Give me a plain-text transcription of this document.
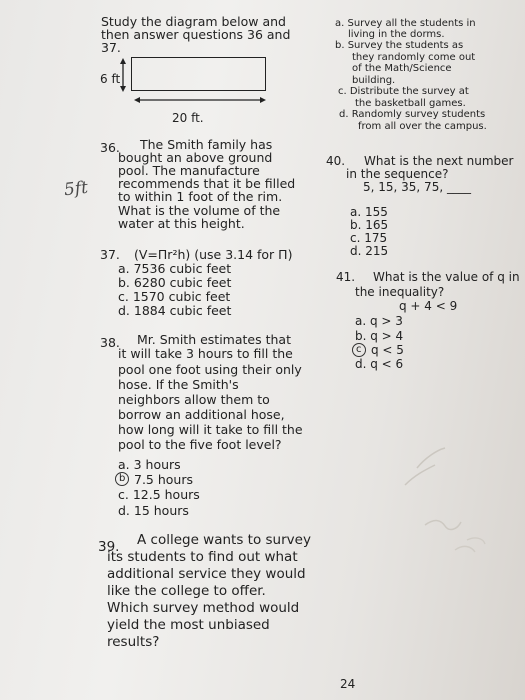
Study the diagram below and
then answer questions 36 and
37.
6 ft
20 ft.
36. The Smith family has
bought an above ground
pool. The manufacture
recommends that it be filled
to within 1 foot of the rim.
What is the volume of the
water at this height.
5ft
37. (V=Πr²h) (use 3.14 for Π)
a. 7536 cubic feet
b. 6280 cubic feet
c. 1570 cubic feet
d. 1884 cubic feet
38. Mr. Smith estimates that
it will take 3 hours to fill the
pool one foot using their only
hose. If the Smith's
neighbors allow them to
borrow an additional hose,
how long will it take to fill the
pool to the five foot level?
a. 3 hours
b 7.5 hours
c. 12.5 hours
d. 15 hours
39. A college wants to survey
its students to find out what
additional service they would
like the college to offer.
Which survey method would
yield the most unbiased
results?
a. Survey all the students in
living in the dorms.
b. Survey the students as
they randomly come out
of the Math/Science
building.
c. Distribute the survey at
the basketball games.
d. Randomly survey students
from all over the campus.
40. What is the next number
in the sequence?
5, 15, 35, 75, ____
a. 155
b. 165
c. 175
d. 215
41. What is the value of q in
the inequality?
q + 4 < 9
a. q > 3
b. q > 4
c q < 5
d. q < 6
24
